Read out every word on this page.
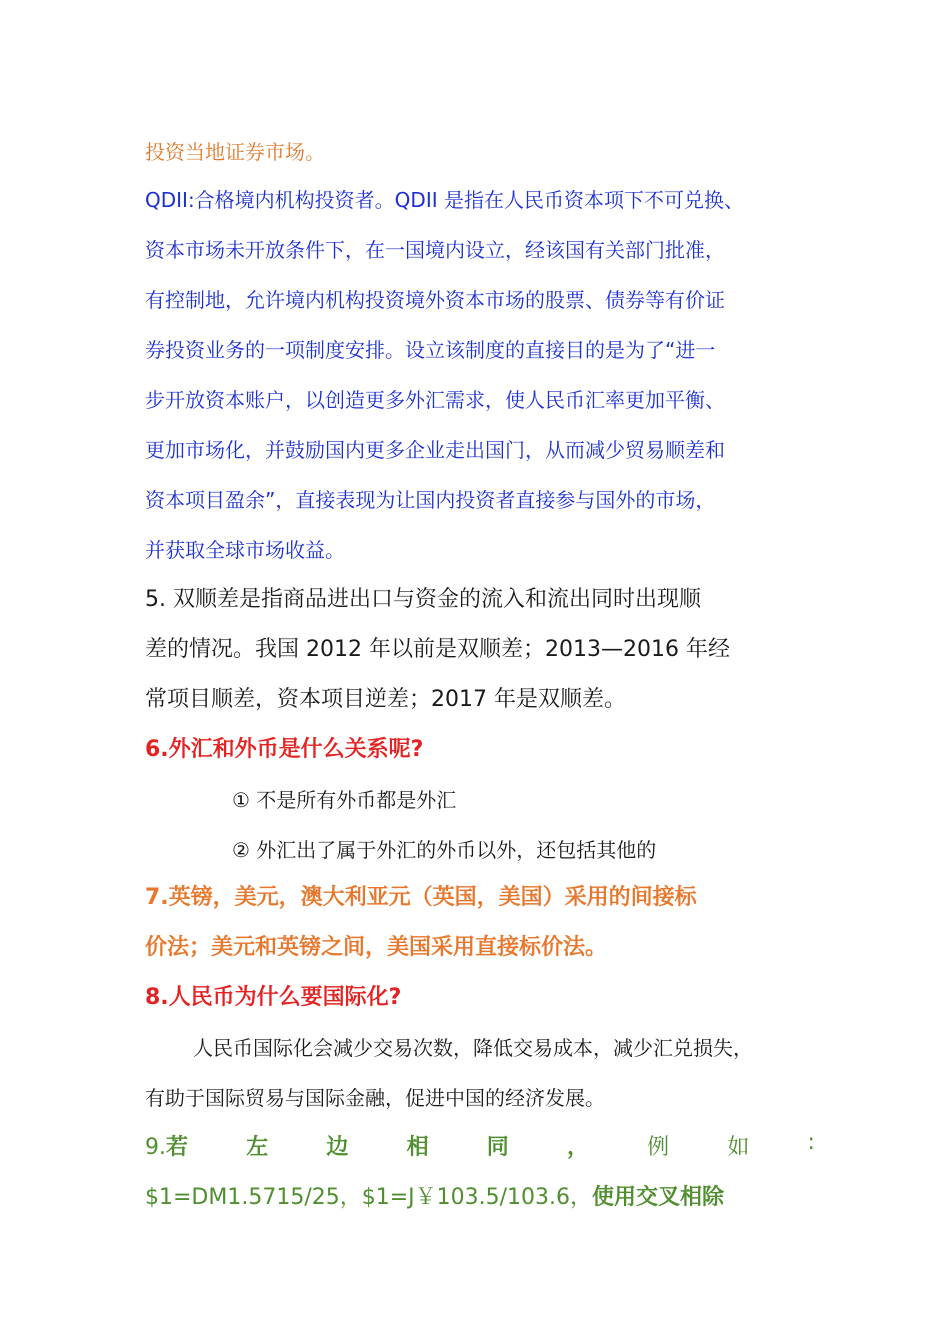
投资当地证券市场。
QDII:合格境内机构投资者。QDII 是指在人民币资本项下不可兑换、
资本市场未开放条件下，在一国境内设立，经该国有关部门批准，
有控制地，允许境内机构投资境外资本市场的股票、债券等有价证
券投资业务的一项制度安排。设立该制度的直接目的是为了“进一
步开放资本账户，以创造更多外汇需求，使人民币汇率更加平衡、
更加市场化，并鼓励国内更多企业走出国门，从而减少贸易顺差和
资本项目盈余”，直接表现为让国内投资者直接参与国外的市场，
并获取全球市场收益。
5. 双顺差是指商品进出口与资金的流入和流出同时出现顺
差的情况。我国 2012 年以前是双顺差；2013—2016 年经
常项目顺差，资本项目逆差；2017 年是双顺差。
6.外汇和外币是什么关系呢?
① 不是所有外币都是外汇
② 外汇出了属于外汇的外币以外，还包括其他的
7.英镑，美元，澳大利亚元（英国，美国）采用的间接标
价法；美元和英镑之间，美国采用直接标价法。
8.人民币为什么要国际化?
人民币国际化会减少交易次数，降低交易成本，减少汇兑损失，
有助于国际贸易与国际金融，促进中国的经济发展。
9.若	左	边	相	同	，	例	如	:
$1=DM1.5715/25，$1=J￥103.5/103.6，使用交叉相除
